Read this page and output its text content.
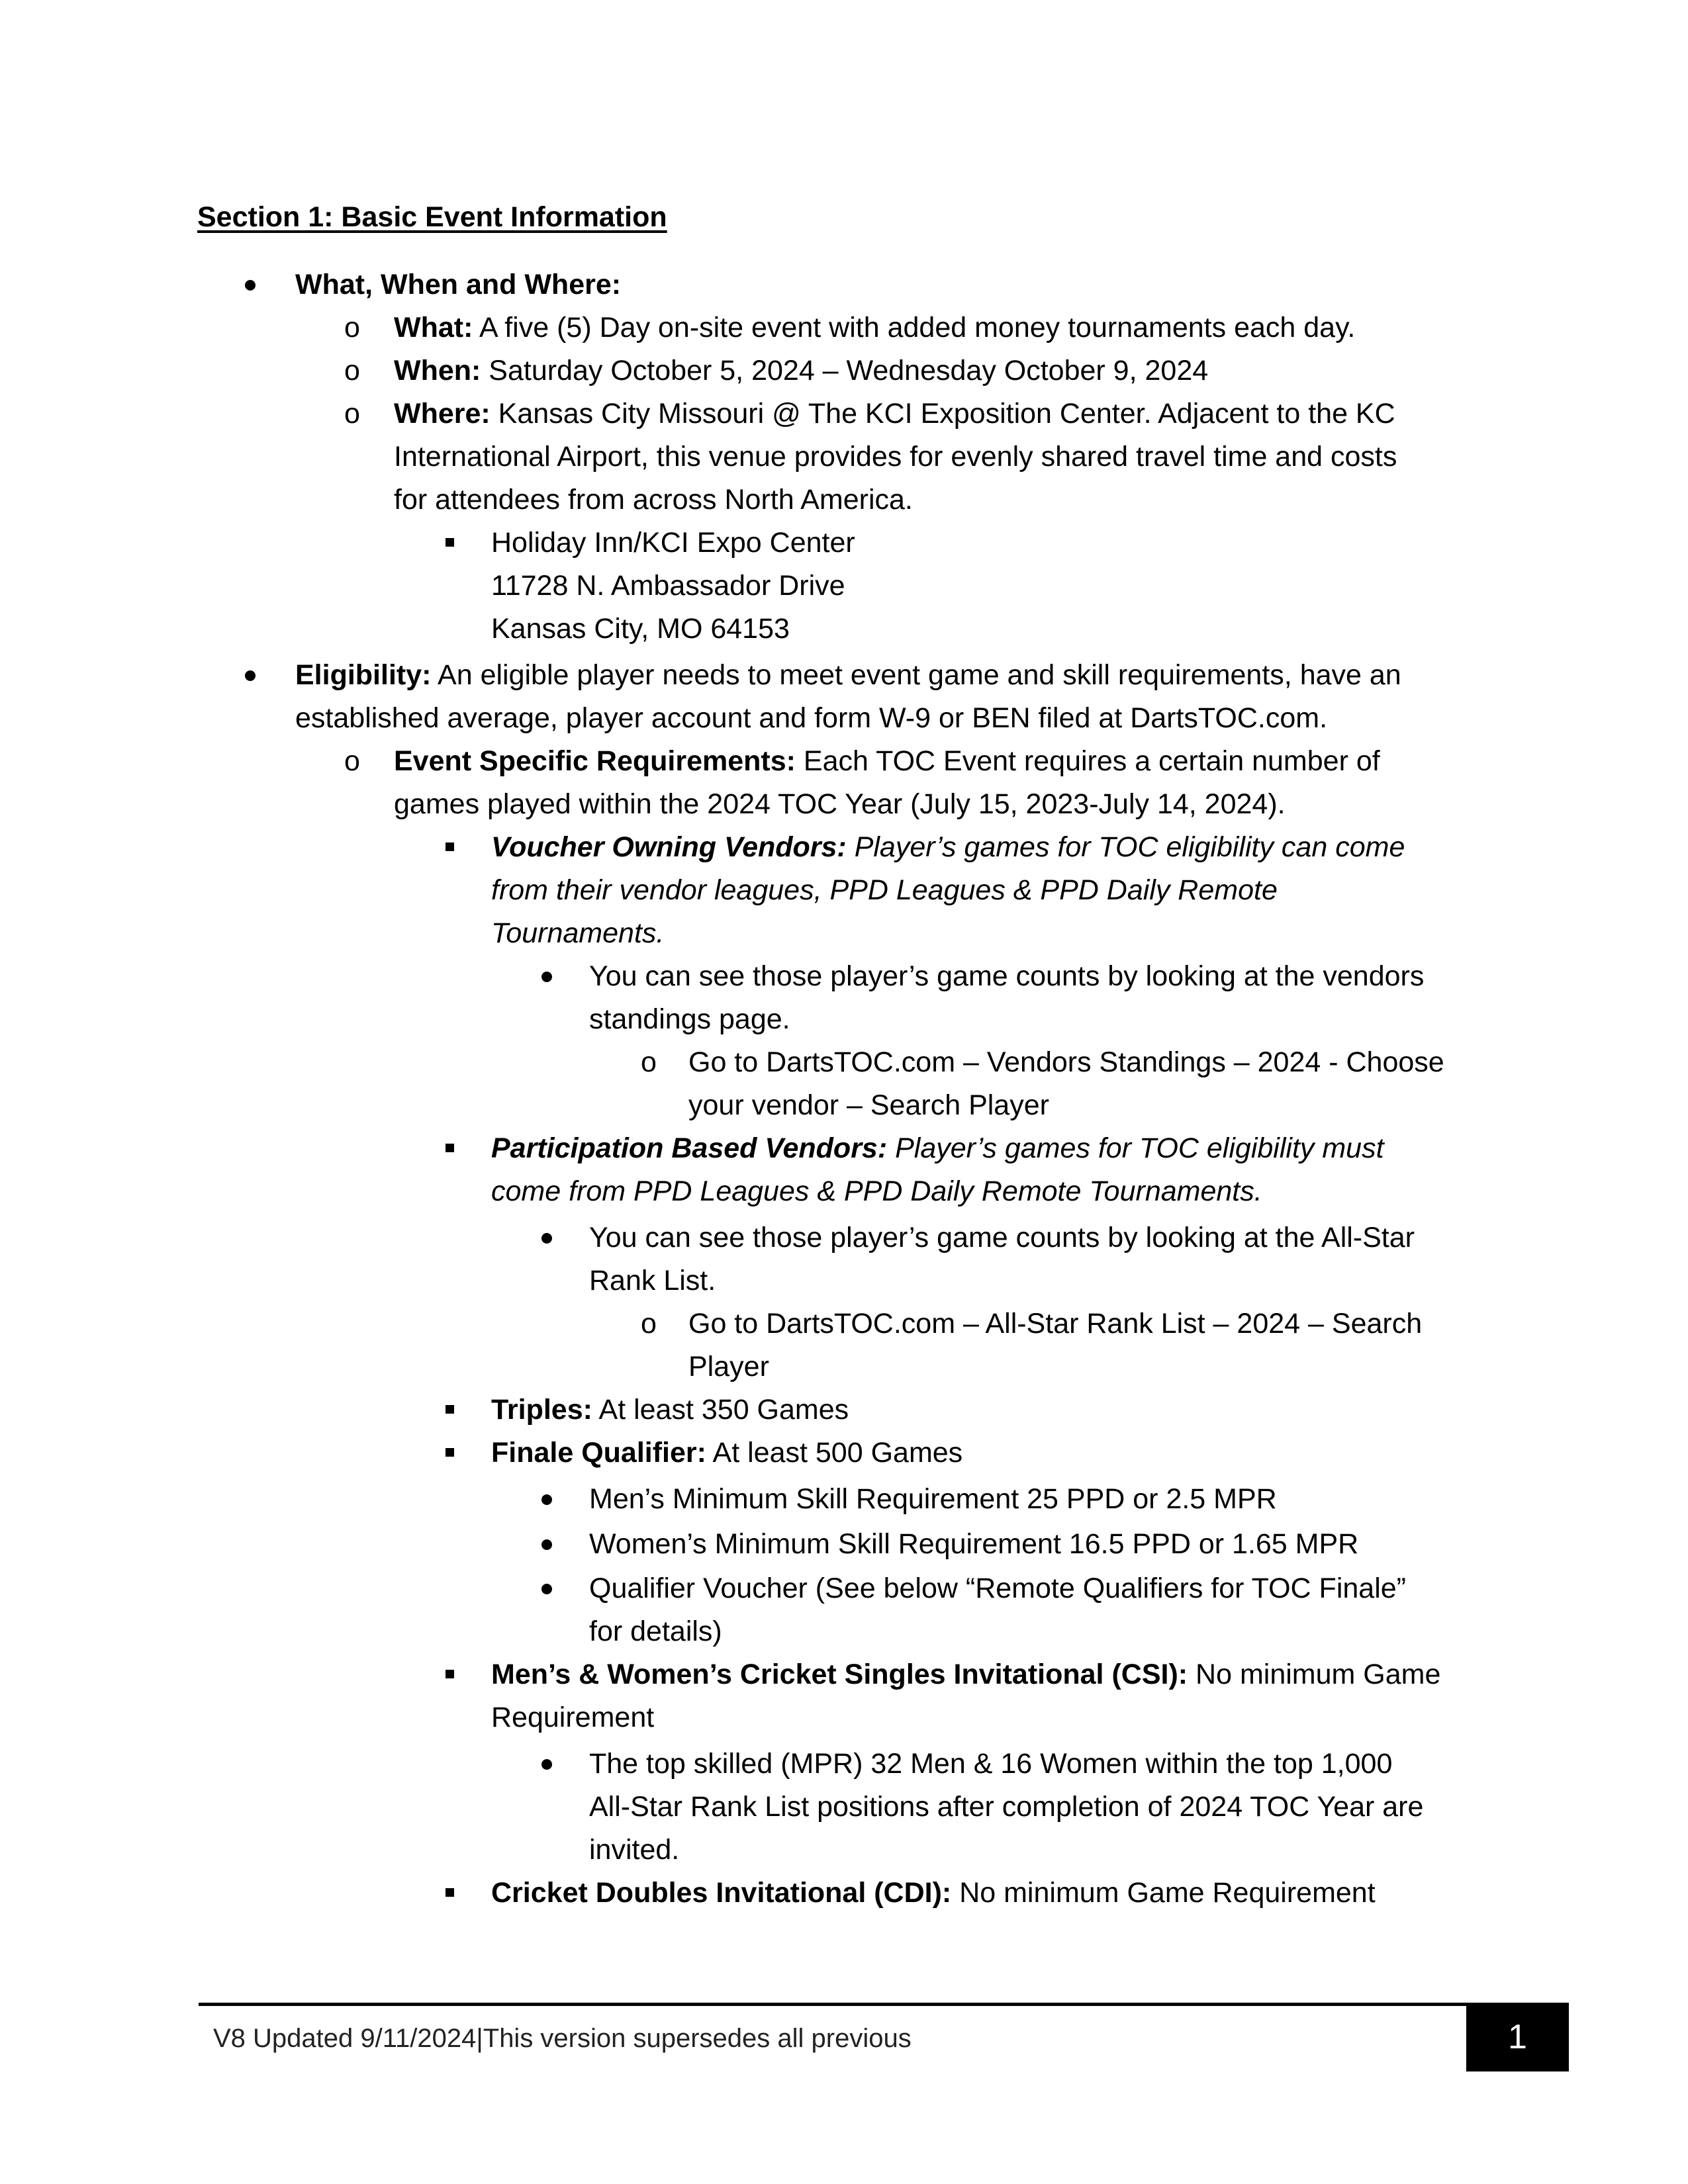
Section 1: Basic Event Information
What, When and Where:
o What: A five (5) Day on-site event with added money tournaments each day.
o When: Saturday October 5, 2024 – Wednesday October 9, 2024
o Where: Kansas City Missouri @ The KCI Exposition Center. Adjacent to the KC
International Airport, this venue provides for evenly shared travel time and costs
for attendees from across North America.
Holiday Inn/KCI Expo Center
11728 N. Ambassador Drive
Kansas City, MO 64153
Eligibility: An eligible player needs to meet event game and skill requirements, have an
established average, player account and form W-9 or BEN filed at DartsTOC.com.
o Event Specific Requirements: Each TOC Event requires a certain number of
games played within the 2024 TOC Year (July 15, 2023-July 14, 2024).
Voucher Owning Vendors: Player’s games for TOC eligibility can come
from their vendor leagues, PPD Leagues & PPD Daily Remote
Tournaments.
You can see those player’s game counts by looking at the vendors
standings page.
o Go to DartsTOC.com – Vendors Standings – 2024 - Choose
your vendor – Search Player
Participation Based Vendors: Player’s games for TOC eligibility must
come from PPD Leagues & PPD Daily Remote Tournaments.
You can see those player’s game counts by looking at the All-Star
Rank List.
o Go to DartsTOC.com – All-Star Rank List – 2024 – Search
Player
Triples: At least 350 Games
Finale Qualifier: At least 500 Games
Men’s Minimum Skill Requirement 25 PPD or 2.5 MPR
Women’s Minimum Skill Requirement 16.5 PPD or 1.65 MPR
Qualifier Voucher (See below “Remote Qualifiers for TOC Finale”
for details)
Men’s & Women’s Cricket Singles Invitational (CSI): No minimum Game
Requirement
The top skilled (MPR) 32 Men & 16 Women within the top 1,000
All-Star Rank List positions after completion of 2024 TOC Year are
invited.
Cricket Doubles Invitational (CDI): No minimum Game Requirement
V8 Updated 9/11/2024|This version supersedes all previous	1
